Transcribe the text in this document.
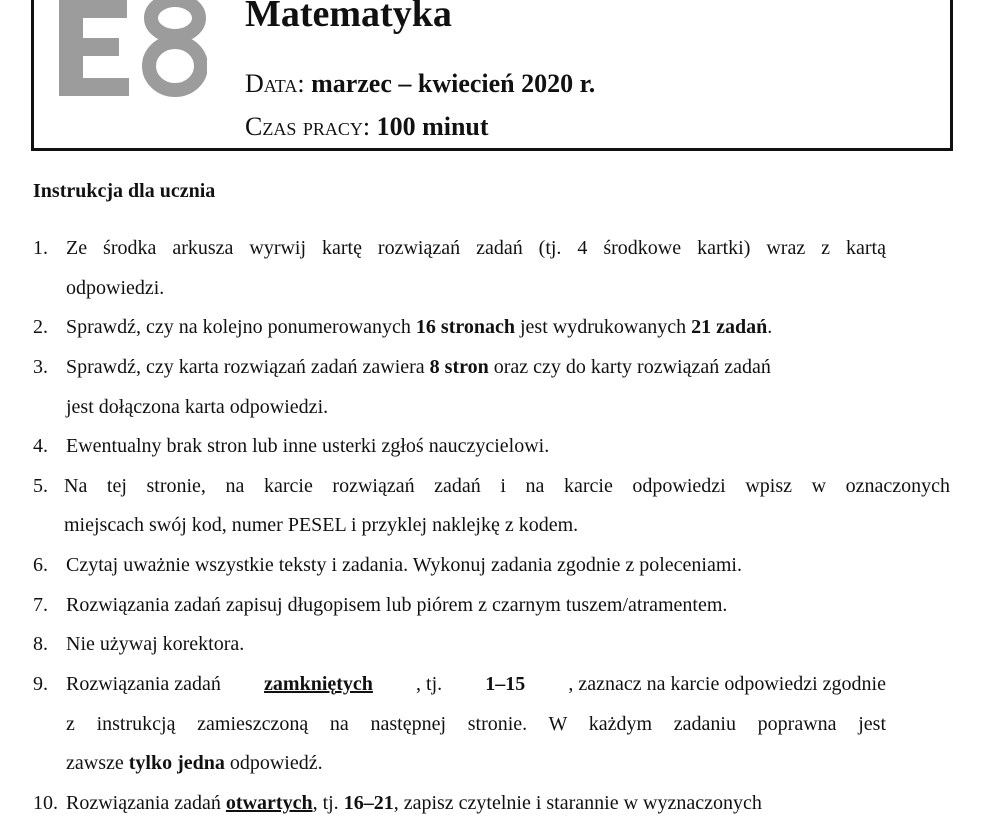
E8	Matematyka
Data: marzec – kwiecień 2020 r.
Czas pracy: 100 minut
Instrukcja dla ucznia
1. Ze środka arkusza wyrwij kartę rozwiązań zadań (tj. 4 środkowe kartki) wraz z kartą
odpowiedzi.
2. Sprawdź, czy na kolejno ponumerowanych 16 stronach jest wydrukowanych 21 zadań.
3. Sprawdź, czy karta rozwiązań zadań zawiera 8 stron oraz czy do karty rozwiązań zadań
jest dołączona karta odpowiedzi.
4. Ewentualny brak stron lub inne usterki zgłoś nauczycielowi.
5. Na tej stronie, na karcie rozwiązań zadań i na karcie odpowiedzi wpisz w oznaczonych
miejscach swój kod, numer PESEL i przyklej naklejkę z kodem.
6. Czytaj uważnie wszystkie teksty i zadania. Wykonuj zadania zgodnie z poleceniami.
7. Rozwiązania zadań zapisuj długopisem lub piórem z czarnym tuszem/atramentem.
8. Nie używaj korektora.
9. Rozwiązania zadań zamkniętych , tj. 1–15 , zaznacz na karcie odpowiedzi zgodnie
z instrukcją zamieszczoną na następnej stronie. W każdym zadaniu poprawna jest
zawsze tylko jedna odpowiedź.
10. Rozwiązania zadań otwartych, tj. 16–21, zapisz czytelnie i starannie w wyznaczonych
